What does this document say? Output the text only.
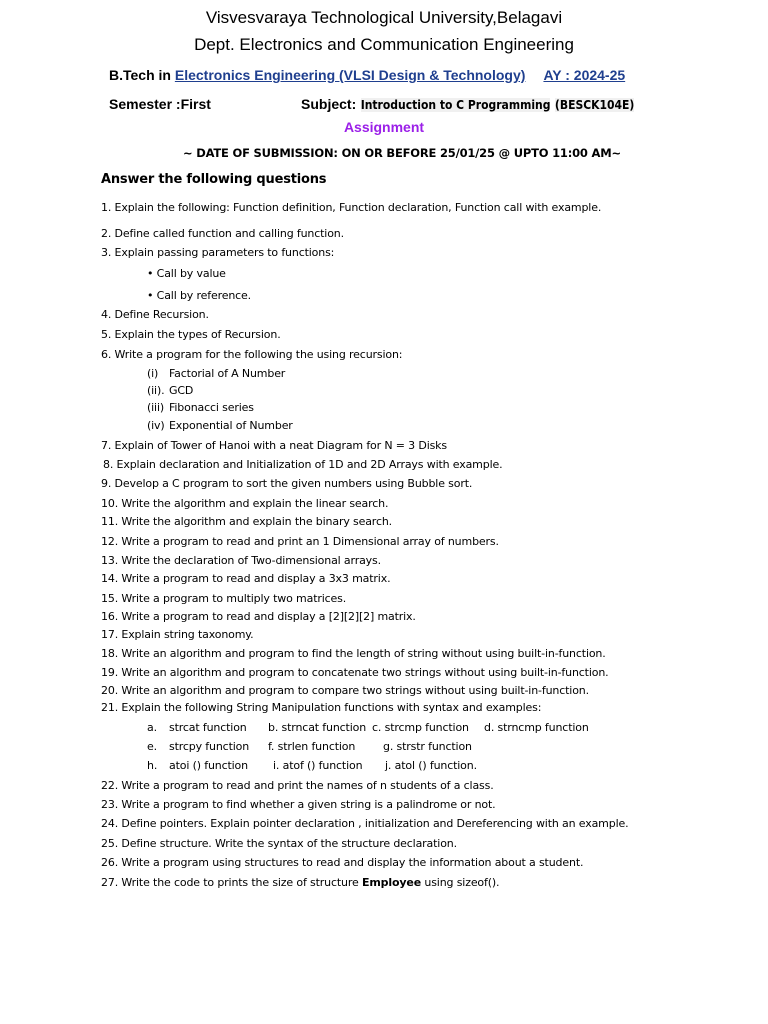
Visvesvaraya Technological University,Belagavi
Dept. Electronics and Communication Engineering
B.Tech in Electronics Engineering (VLSI Design & Technology) AY : 2024-25
Semester :First	Subject: Introduction to C Programming (BESCK104E)
Assignment
~ DATE OF SUBMISSION: ON OR BEFORE 25/01/25 @ UPTO 11:00 AM~
Answer the following questions
1. Explain the following: Function definition, Function declaration, Function call with example.
2. Define called function and calling function.
3. Explain passing parameters to functions:
• Call by value
• Call by reference.
4. Define Recursion.
5. Explain the types of Recursion.
6. Write a program for the following the using recursion:
(i) Factorial of A Number
(ii). GCD
(iii) Fibonacci series
(iv) Exponential of Number
7. Explain of Tower of Hanoi with a neat Diagram for N = 3 Disks
8. Explain declaration and Initialization of 1D and 2D Arrays with example.
9. Develop a C program to sort the given numbers using Bubble sort.
10. Write the algorithm and explain the linear search.
11. Write the algorithm and explain the binary search.
12. Write a program to read and print an 1 Dimensional array of numbers.
13. Write the declaration of Two-dimensional arrays.
14. Write a program to read and display a 3x3 matrix.
15. Write a program to multiply two matrices.
16. Write a program to read and display a [2][2][2] matrix.
17. Explain string taxonomy.
18. Write an algorithm and program to find the length of string without using built-in-function.
19. Write an algorithm and program to concatenate two strings without using built-in-function.
20. Write an algorithm and program to compare two strings without using built-in-function.
21. Explain the following String Manipulation functions with syntax and examples:
a. strcat function b. strncat function c. strcmp function d. strncmp function
e. strcpy function f. strlen function	g. strstr function
h. atoi () function i. atof () function j. atol () function.
22. Write a program to read and print the names of n students of a class.
23. Write a program to find whether a given string is a palindrome or not.
24. Define pointers. Explain pointer declaration , initialization and Dereferencing with an example.
25. Define structure. Write the syntax of the structure declaration.
26. Write a program using structures to read and display the information about a student.
27. Write the code to prints the size of structure Employee using sizeof().
